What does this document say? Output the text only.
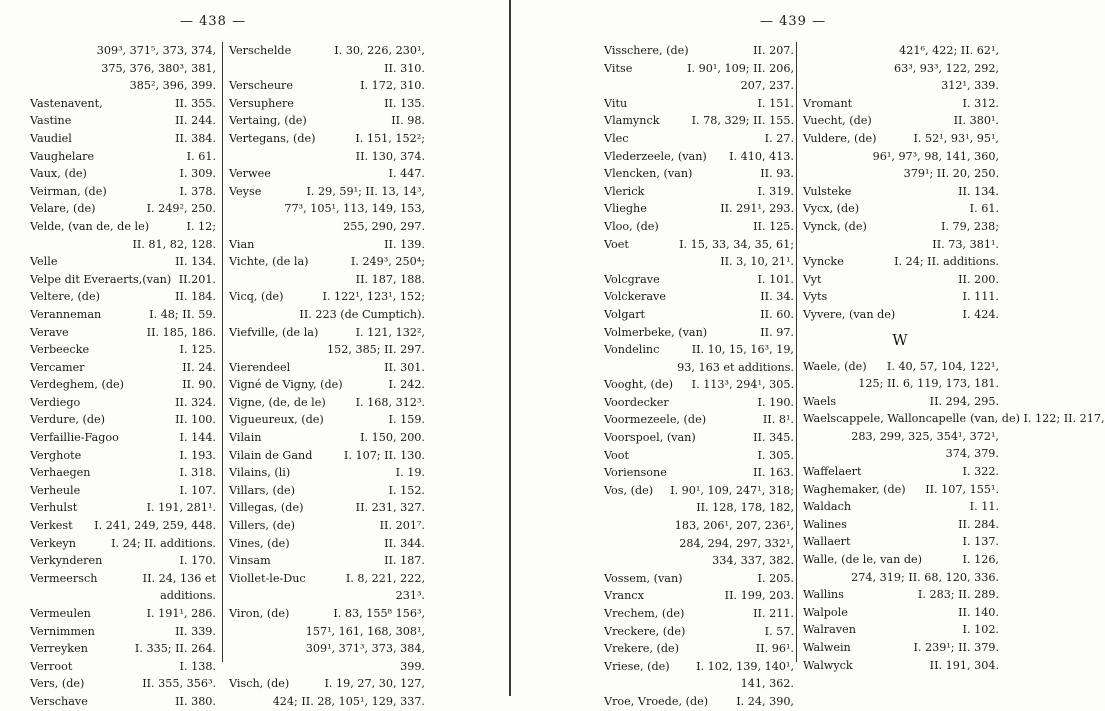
— 438 —
309³, 371⁵, 373, 374,
375, 376, 380³, 381,
385², 396, 399.
Vastenavent,	II. 355.
Vastine	II. 244.
Vaudiel	II. 384.
Vaughelare	I. 61.
Vaux, (de)	I. 309.
Veirman, (de)	I. 378.
Velare, (de)	I. 249², 250.
Velde, (van de, de le)	I. 12;
II. 81, 82, 128.
Velle	II. 134.
Velpe dit Everaerts,(van) II.201.
Veltere, (de)	II. 184.
Veranneman	I. 48; II. 59.
Verave	II. 185, 186.
Verbeecke	I. 125.
Vercamer	II. 24.
Verdeghem, (de)	II. 90.
Verdiego	II. 324.
Verdure, (de)	II. 100.
Verfaillie-Fagoo	I. 144.
Verghote	I. 193.
Verhaegen	I. 318.
Verheule	I. 107.
Verhulst	I. 191, 281¹.
Verkest	I. 241, 249, 259, 448.
Verkeyn	I. 24; II. additions.
Verkynderen	I. 170.
Vermeersch	II. 24, 136 et
additions.
Vermeulen	I. 191¹, 286.
Vernimmen	II. 339.
Verreyken	I. 335; II. 264.
Verroot	I. 138.
Vers, (de)	II. 355, 356³.
Verschave	II. 380.
Verschelde	I. 30, 226, 230¹,
II. 310.
Verscheure	I. 172, 310.
Versuphere	II. 135.
Vertaing, (de)	II. 98.
Vertegans, (de)	I. 151, 152²;
II. 130, 374.
Verwee	I. 447.
Veyse	I. 29, 59¹; II. 13, 14³,
77³, 105¹, 113, 149, 153,
255, 290, 297.
Vian	II. 139.
Vichte, (de la)	I. 249³, 250⁴;
II. 187, 188.
Vicq, (de)	I. 122¹, 123¹, 152;
II. 223 (de Cumptich).
Viefville, (de la)	I. 121, 132²,
152, 385; II. 297.
Vierendeel	II. 301.
Vigné de Vigny, (de)	I. 242.
Vigne, (de, de le)	I. 168, 312³.
Vigueureux, (de)	I. 159.
Vilain	I. 150, 200.
Vilain de Gand	I. 107; II. 130.
Vilains, (li)	I. 19.
Villars, (de)	I. 152.
Villegas, (de)	II. 231, 327.
Villers, (de)	II. 201⁷.
Vines, (de)	II. 344.
Vinsam	II. 187.
Viollet-le-Duc	I. 8, 221, 222,
231³.
Viron, (de)	I. 83, 155⁸ 156³,
157¹, 161, 168, 308¹,
309¹, 371³, 373, 384,
399.
Visch, (de)	I. 19, 27, 30, 127,
424; II. 28, 105¹, 129, 337.
— 439 —
Visschere, (de)	II. 207.
Vitse	I. 90¹, 109; II. 206,
207, 237.
Vitu	I. 151.
Vlamynck	I. 78, 329; II. 155.
Vlec	I. 27.
Vlederzeele, (van)	I. 410, 413.
Vlencken, (van)	II. 93.
Vlerick	I. 319.
Vlieghe	II. 291¹, 293.
Vloo, (de)	II. 125.
Voet	I. 15, 33, 34, 35, 61;
II. 3, 10, 21¹.
Volcgrave	I. 101.
Volckerave	II. 34.
Volgart	II. 60.
Volmerbeke, (van)	II. 97.
Vondelinc	II. 10, 15, 16³, 19,
93, 163 et additions.
Vooght, (de)	I. 113³, 294¹, 305.
Voordecker	I. 190.
Voormezeele, (de)	II. 8¹.
Voorspoel, (van)	II. 345.
Voot	I. 305.
Voriensone	II. 163.
Vos, (de)	I. 90¹, 109, 247¹, 318;
II. 128, 178, 182,
183, 206¹, 207, 236¹,
284, 294, 297, 332¹,
334, 337, 382.
Vossem, (van)	I. 205.
Vrancx	II. 199, 203.
Vrechem, (de)	II. 211.
Vreckere, (de)	I. 57.
Vrekere, (de)	II. 96¹.
Vriese, (de)	I. 102, 139, 140¹,
141, 362.
Vroe, Vroede, (de)	I. 24, 390,
421⁶, 422; II. 62¹,
63³, 93³, 122, 292,
312¹, 339.
Vromant	I. 312.
Vuecht, (de)	II. 380¹.
Vuldere, (de)	I. 52¹, 93¹, 95¹,
96¹, 97³, 98, 141, 360,
379¹; II. 20, 250.
Vulsteke	II. 134.
Vycx, (de)	I. 61.
Vynck, (de)	I. 79, 238;
II. 73, 381¹.
Vyncke	I. 24; II. additions.
Vyt	II. 200.
Vyts	I. 111.
Vyvere, (van de)	I. 424.
W
Waele, (de)	I. 40, 57, 104, 122¹,
125; II. 6, 119, 173, 181.
Waels	II. 294, 295.
Waelscappele, Walloncapelle (van, de) I. 122; II. 217,
283, 299, 325, 354¹, 372¹,
374, 379.
Waffelaert	I. 322.
Waghemaker, (de)	II. 107, 155¹.
Waldach	I. 11.
Walines	II. 284.
Wallaert	I. 137.
Walle, (de le, van de)	I. 126,
274, 319; II. 68, 120, 336.
Wallins	I. 283; II. 289.
Walpole	II. 140.
Walraven	I. 102.
Walwein	I. 239¹; II. 379.
Walwyck	II. 191, 304.
